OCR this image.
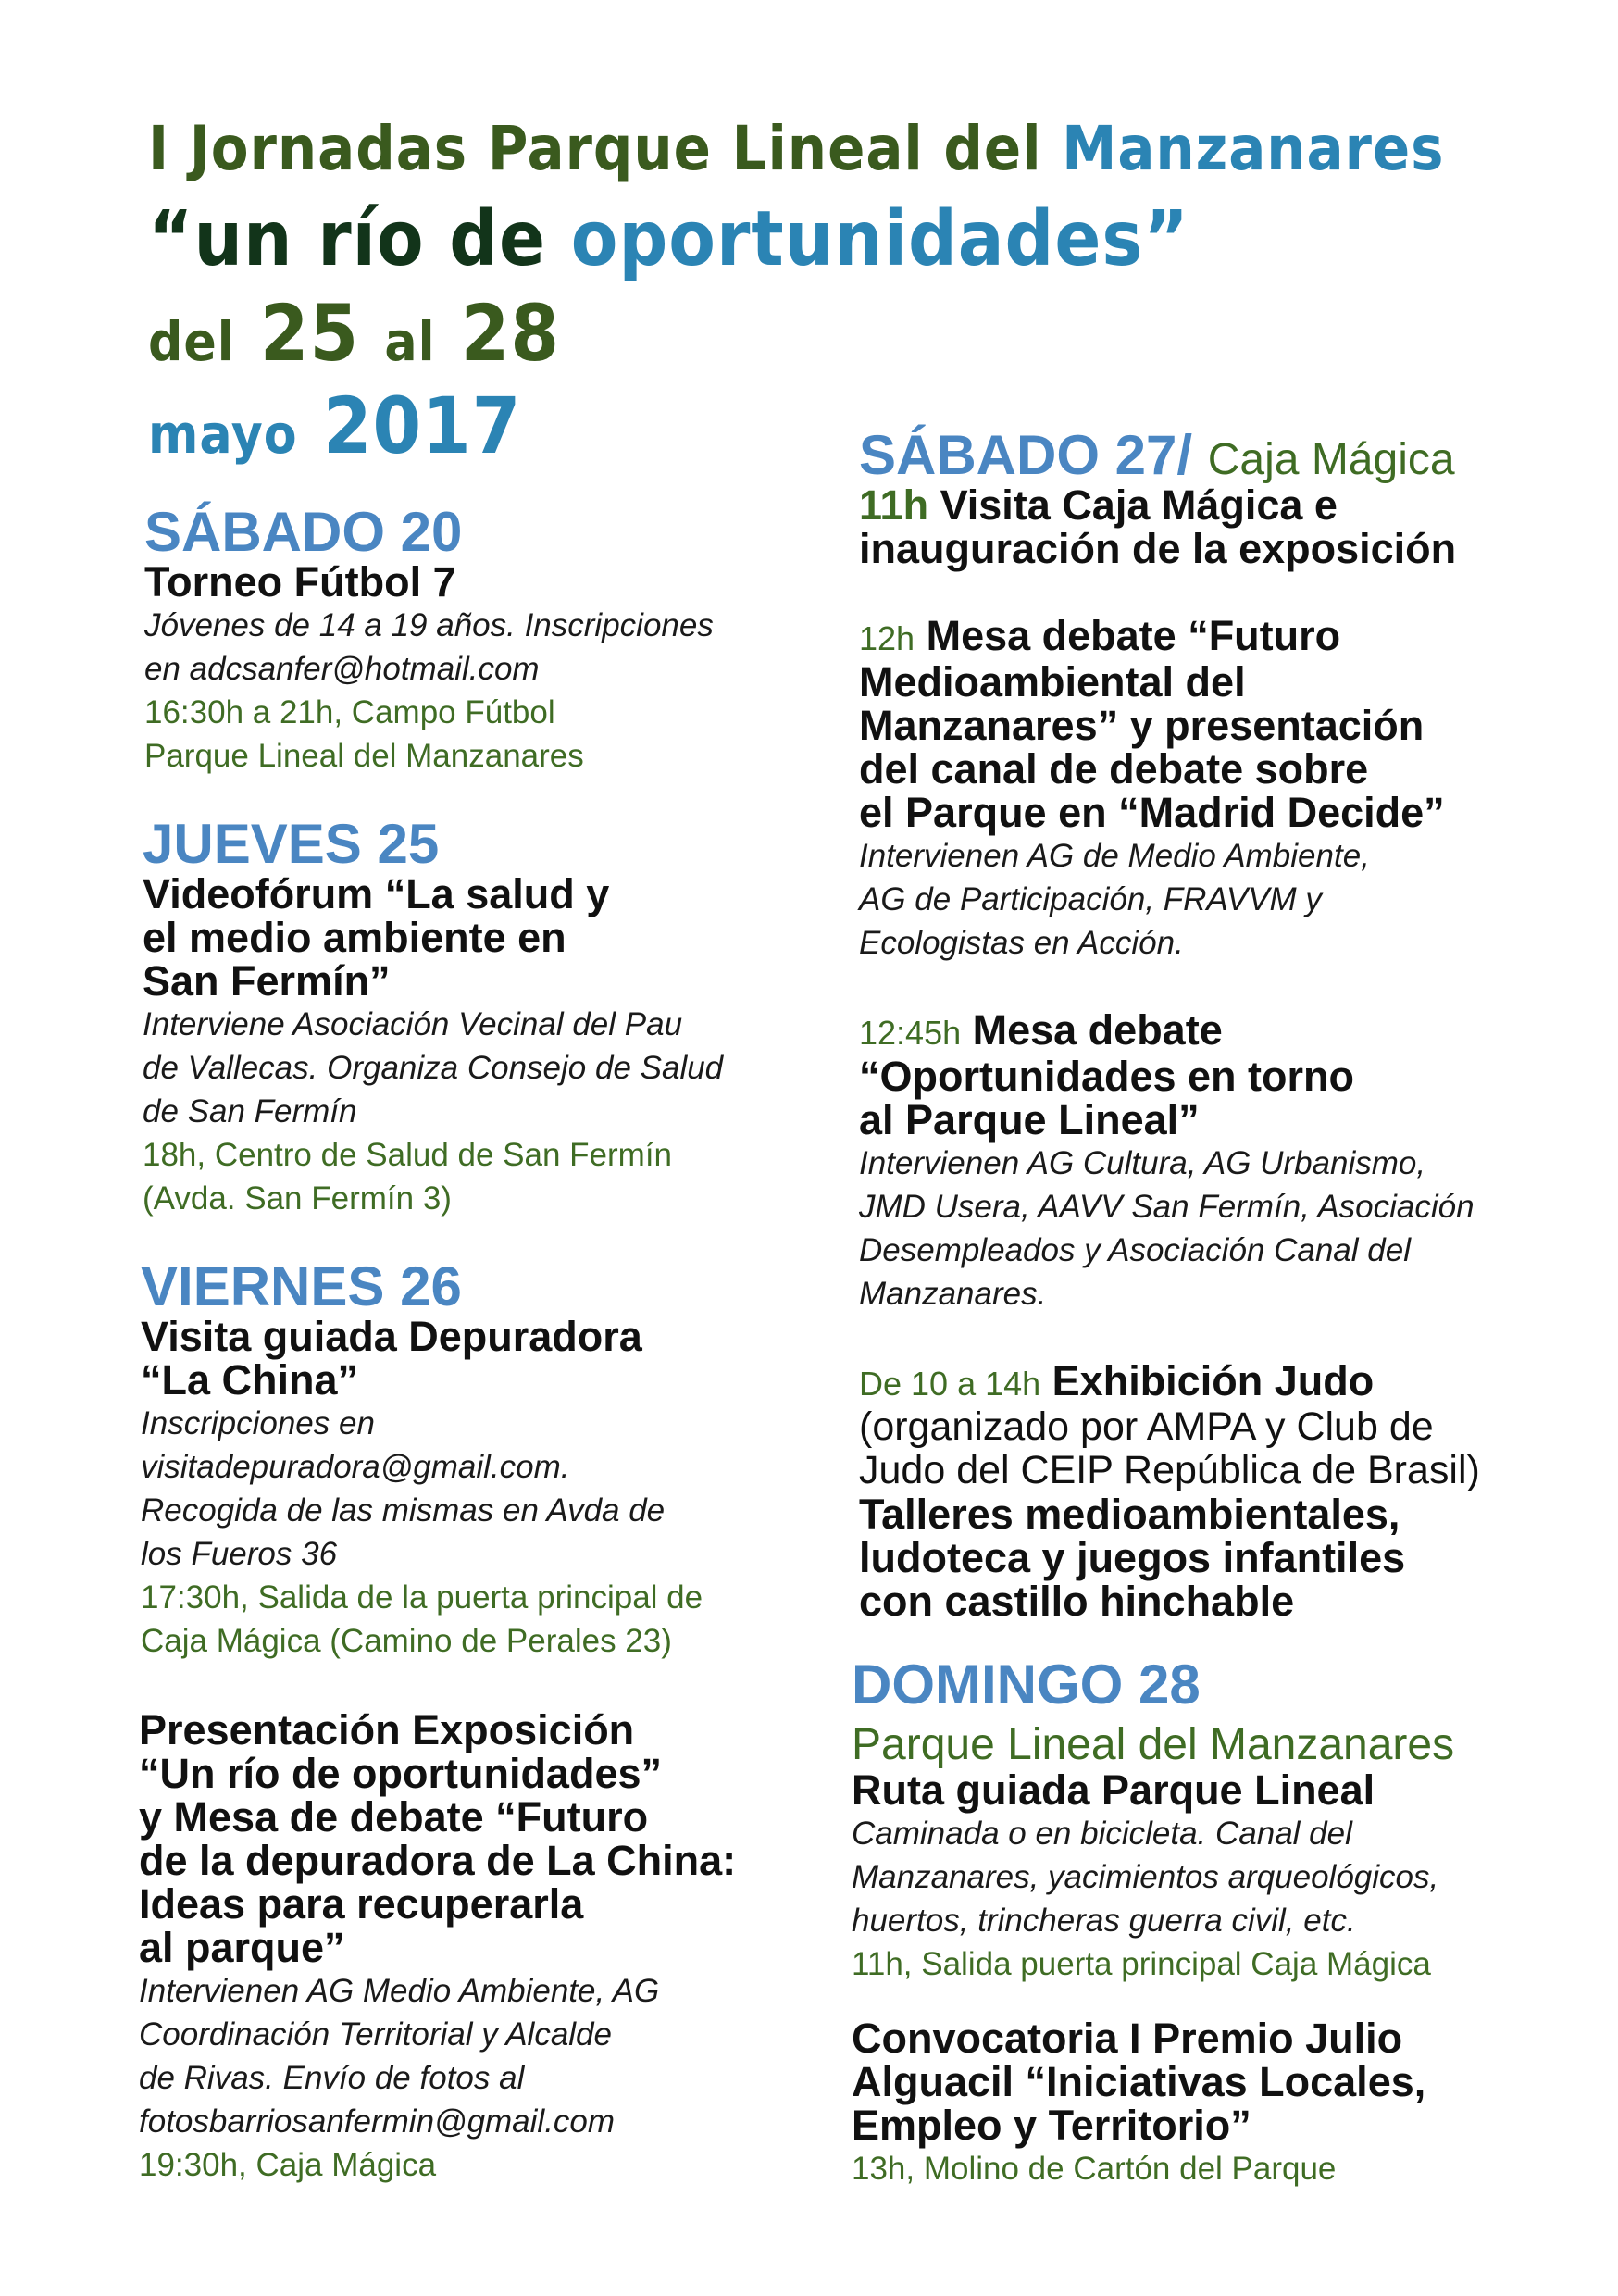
I Jornadas Parque Lineal del Manzanares
“un río de oportunidades”
del 25 al 28
mayo 2017

SÁBADO 20

Torneo Fútbol 7

Jóvenes de 14 a 19 años. Inscripciones

en adcsanfer@hotmail.com

16:30h a 21h, Campo Fútbol

Parque Lineal del Manzanares

JUEVES 25

Videofórum “La salud y

el medio ambiente en

San Fermín”

Interviene Asociación Vecinal del Pau

de Vallecas. Organiza Consejo de Salud

de San Fermín

18h, Centro de Salud de San Fermín

(Avda. San Fermín 3)

VIERNES 26

Visita guiada Depuradora

“La China”

Inscripciones en

visitadepuradora@gmail.com.

Recogida de las mismas en Avda de

los Fueros 36

17:30h, Salida de la puerta principal de

Caja Mágica (Camino de Perales 23)

Presentación Exposición

“Un río de oportunidades”

y Mesa de debate “Futuro

de la depuradora de La China:

Ideas para recuperarla

al parque”

Intervienen AG Medio Ambiente, AG

Coordinación Territorial y Alcalde

de Rivas. Envío de fotos al

fotosbarriosanfermin@gmail.com

19:30h, Caja Mágica

SÁBADO 27/ Caja Mágica

11h Visita Caja Mágica e

inauguración de la exposición

12h Mesa debate “Futuro

Medioambiental del

Manzanares” y presentación

del canal de debate sobre

el Parque en “Madrid Decide”

Intervienen AG de Medio Ambiente,

AG de Participación, FRAVVM y

Ecologistas en Acción.

12:45h Mesa debate

“Oportunidades en torno

al Parque Lineal”

Intervienen AG Cultura, AG Urbanismo,

JMD Usera, AAVV San Fermín, Asociación

Desempleados y Asociación Canal del

Manzanares.

De 10 a 14h Exhibición Judo

(organizado por AMPA y Club de

Judo del CEIP República de Brasil)

Talleres medioambientales,

ludoteca y juegos infantiles

con castillo hinchable

DOMINGO 28

Parque Lineal del Manzanares

Ruta guiada Parque Lineal

Caminada o en bicicleta. Canal del

Manzanares, yacimientos arqueológicos,

huertos, trincheras guerra civil, etc.

11h, Salida puerta principal Caja Mágica

Convocatoria I Premio Julio

Alguacil “Iniciativas Locales,

Empleo y Territorio”

13h, Molino de Cartón del Parque
